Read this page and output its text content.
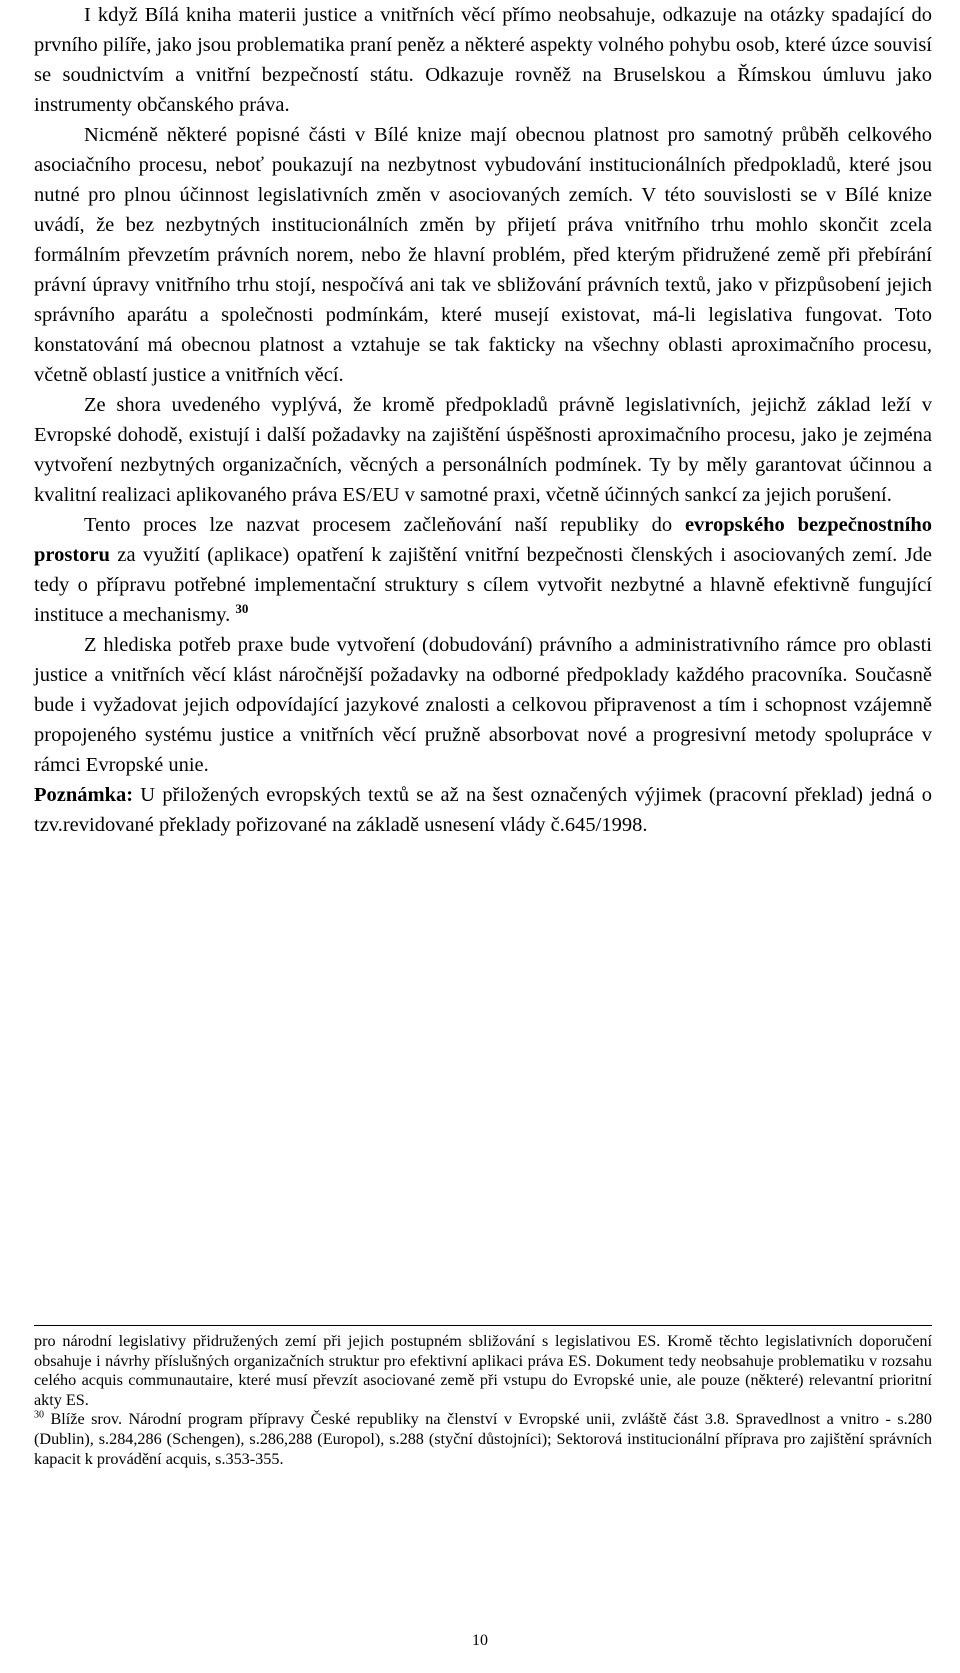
I když Bílá kniha materii justice a vnitřních věcí přímo neobsahuje, odkazuje na otázky spadající do prvního pilíře, jako jsou problematika praní peněz a některé aspekty volného pohybu osob, které úzce souvisí se soudnictvím a vnitřní bezpečností státu. Odkazuje rovněž na Bruselskou a Římskou úmluvu jako instrumenty občanského práva.

Nicméně některé popisné části v Bílé knize mají obecnou platnost pro samotný průběh celkového asociačního procesu, neboť poukazují na nezbytnost vybudování institucionálních předpokladů, které jsou nutné pro plnou účinnost legislativních změn v asociovaných zemích. V této souvislosti se v Bílé knize uvádí, že bez nezbytných institucionálních změn by přijetí práva vnitřního trhu mohlo skončit zcela formálním převzetím právních norem, nebo že hlavní problém, před kterým přidružené země při přebírání právní úpravy vnitřního trhu stojí, nespočívá ani tak ve sbližování právních textů, jako v přizpůsobení jejich správního aparátu a společnosti podmínkám, které musejí existovat, má-li legislativa fungovat. Toto konstatování má obecnou platnost a vztahuje se tak fakticky na všechny oblasti aproximačního procesu, včetně oblastí justice a vnitřních věcí.

Ze shora uvedeného vyplývá, že kromě předpokladů právně legislativních, jejichž základ leží v Evropské dohodě, existují i další požadavky na zajištění úspěšnosti aproximačního procesu, jako je zejména vytvoření nezbytných organizačních, věcných a personálních podmínek. Ty by měly garantovat účinnou a kvalitní realizaci aplikovaného práva ES/EU v samotné praxi, včetně účinných sankcí za jejich porušení.

Tento proces lze nazvat procesem začleňování naší republiky do evropského bezpečnostního prostoru za využití (aplikace) opatření k zajištění vnitřní bezpečnosti členských i asociovaných zemí. Jde tedy o přípravu potřebné implementační struktury s cílem vytvořit nezbytné a hlavně efektivně fungující instituce a mechanismy. $^{30}$

Z hlediska potřeb praxe bude vytvoření (dobudování) právního a administrativního rámce pro oblasti justice a vnitřních věcí klást náročnější požadavky na odborné předpoklady každého pracovníka. Současně bude i vyžadovat jejich odpovídající jazykové znalosti a celkovou připravenost a tím i schopnost vzájemně propojeného systému justice a vnitřních věcí pružně absorbovat nové a progresivní metody spolupráce v rámci Evropské unie.

Poznámka: U přiložených evropských textů se až na šest označených výjimek (pracovní překlad) jedná o tzv.revidované překlady pořizované na základě usnesení vlády č.645/1998.

pro národní legislativy přidružených zemí při jejich postupném sbližování s legislativou ES. Kromě těchto legislativních doporučení obsahuje i návrhy příslušných organizačních struktur pro efektivní aplikaci práva ES. Dokument tedy neobsahuje problematiku v rozsahu celého acquis communautaire, které musí převzít asociované země při vstupu do Evropské unie, ale pouze (některé) relevantní prioritní akty ES.

$^{30}$ Blíže srov. Národní program přípravy České republiky na členství v Evropské unii, zvláště část 3.8. Spravedlnost a vnitro - s.280 (Dublin), s.284,286 (Schengen), s.286,288 (Europol), s.288 (styční důstojníci); Sektorová institucionální příprava pro zajištění správních kapacit k provádění acquis, s.353-355.

10
